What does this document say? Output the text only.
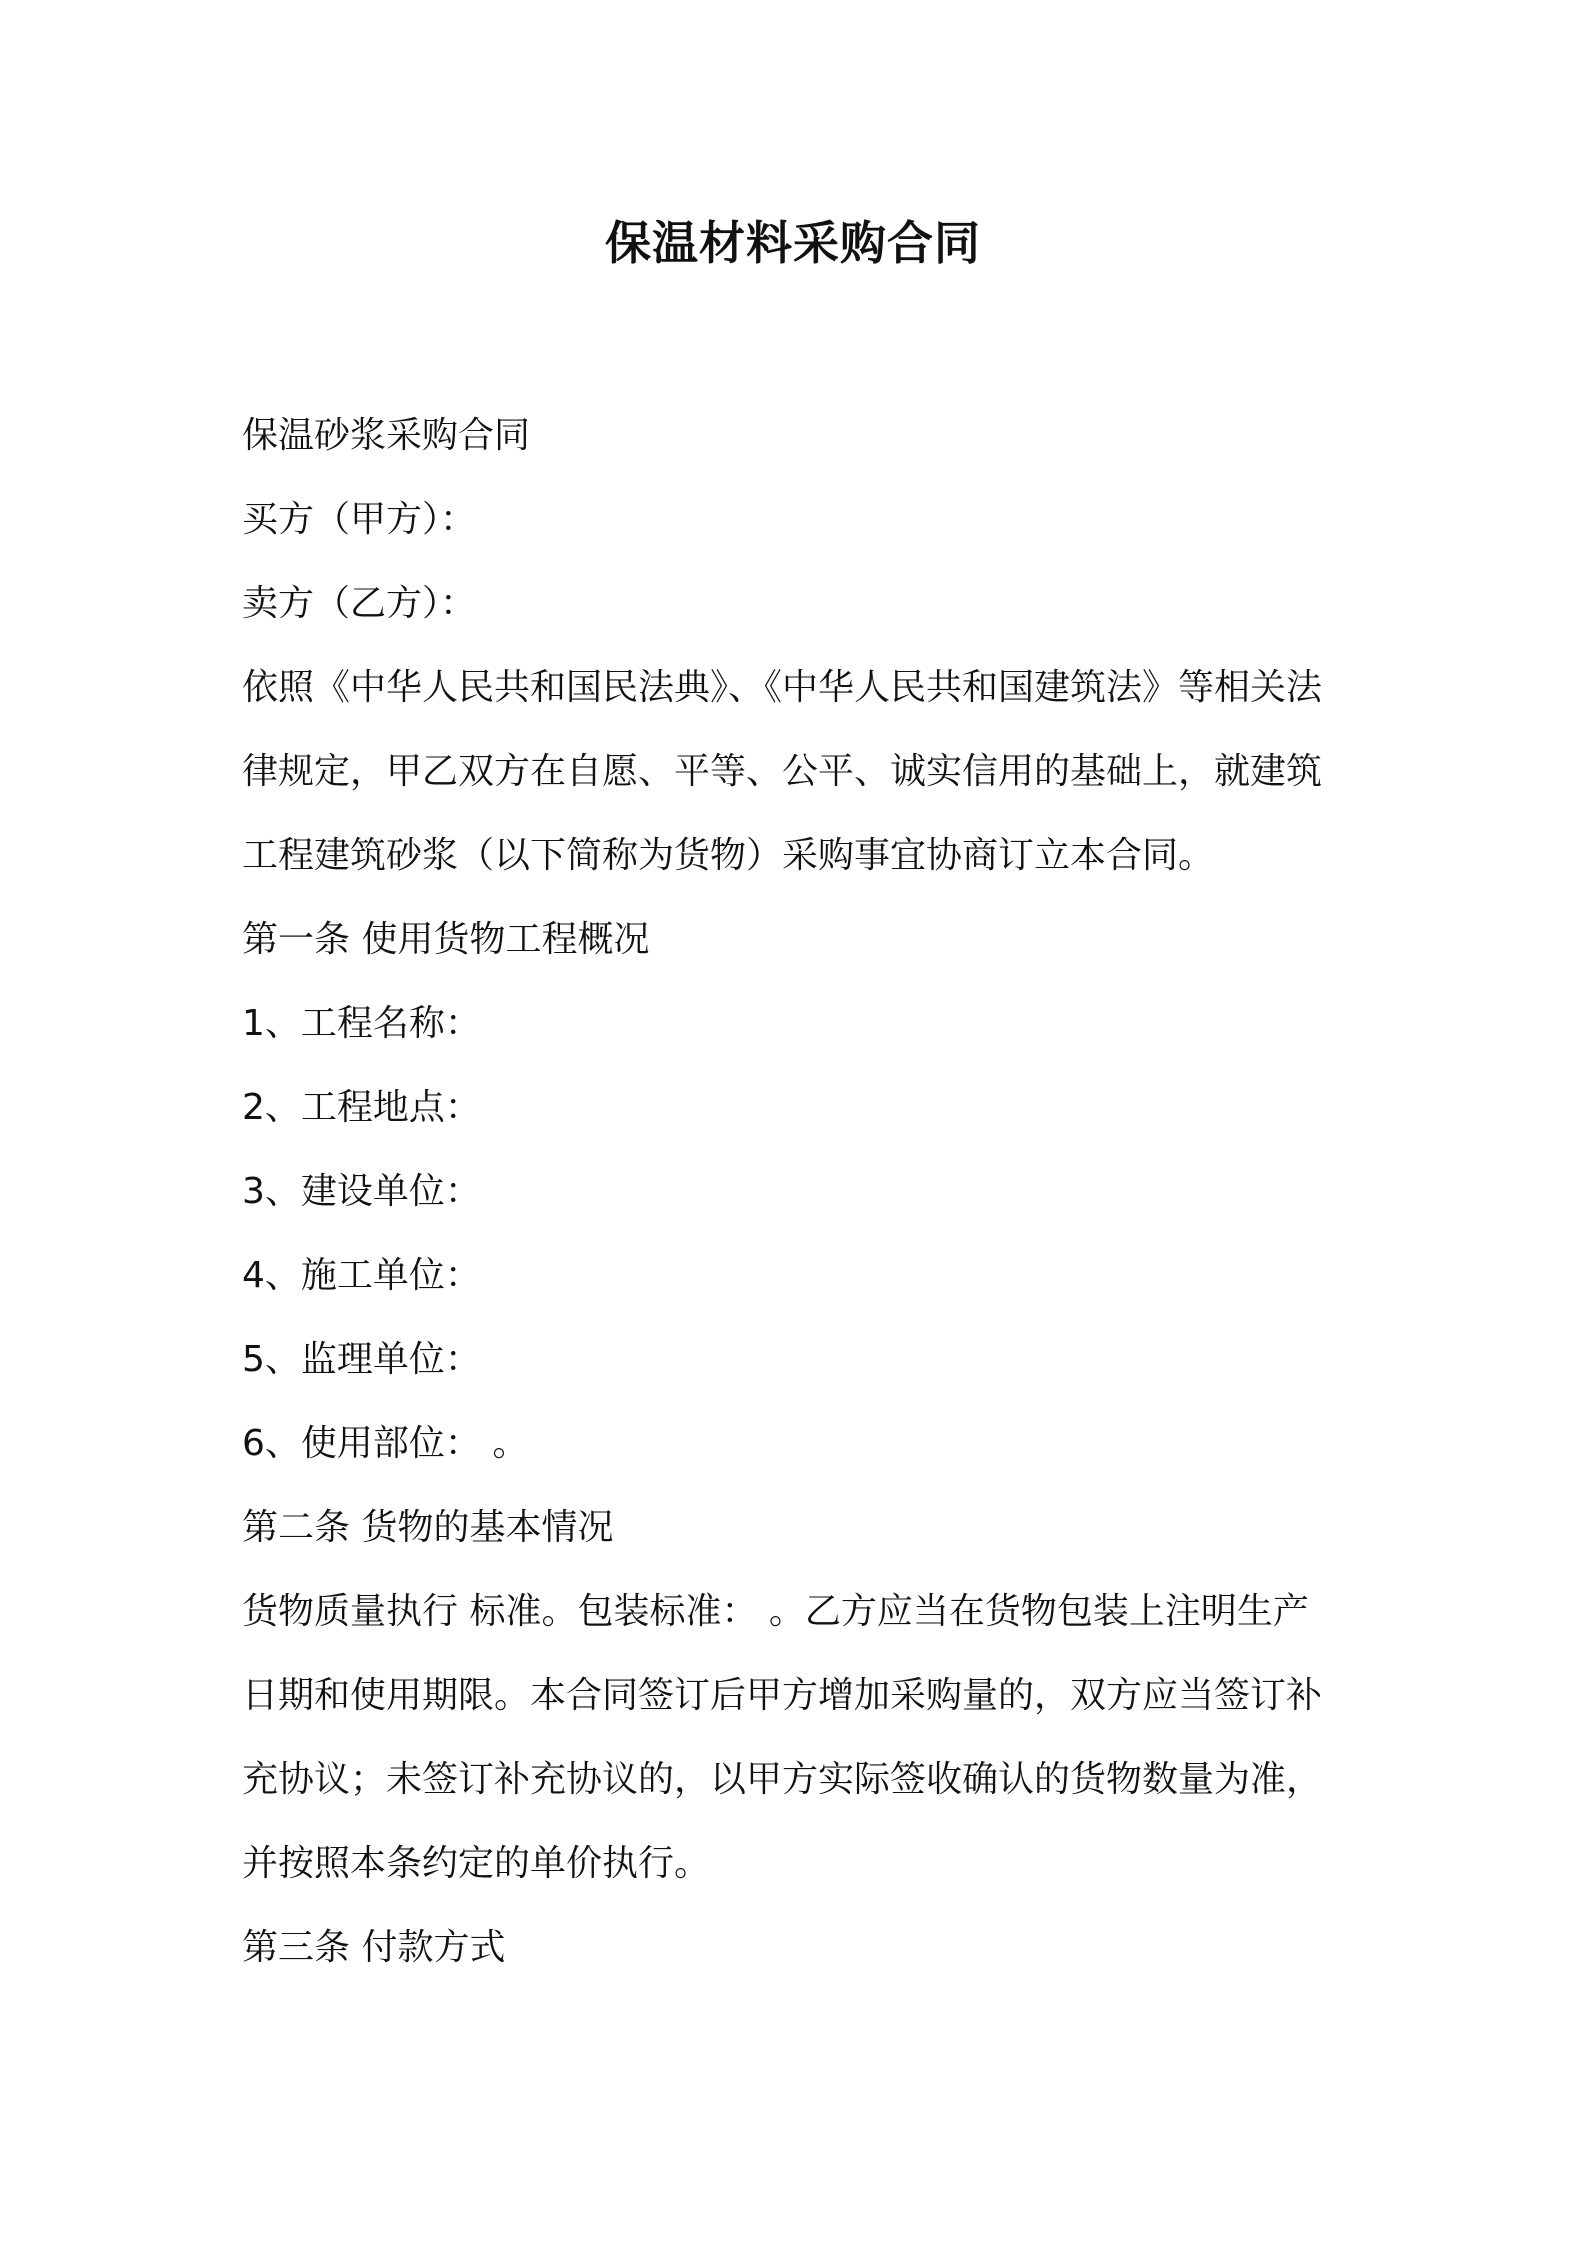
保温材料采购合同
保温砂浆采购合同
买方（甲方）：
卖方（乙方）：
依照《中华人民共和国民法典》、《中华人民共和国建筑法》等相关法
律规定，甲乙双方在自愿、平等、公平、诚实信用的基础上，就建筑
工程建筑砂浆（以下简称为货物）采购事宜协商订立本合同。
第一条 使用货物工程概况
1、工程名称：
2、工程地点：
3、建设单位：
4、施工单位：
5、监理单位：
6、使用部位： 。
第二条 货物的基本情况
货物质量执行 标准。包装标准： 。乙方应当在货物包装上注明生产
日期和使用期限。本合同签订后甲方增加采购量的，双方应当签订补
充协议；未签订补充协议的，以甲方实际签收确认的货物数量为准，
并按照本条约定的单价执行。
第三条 付款方式
